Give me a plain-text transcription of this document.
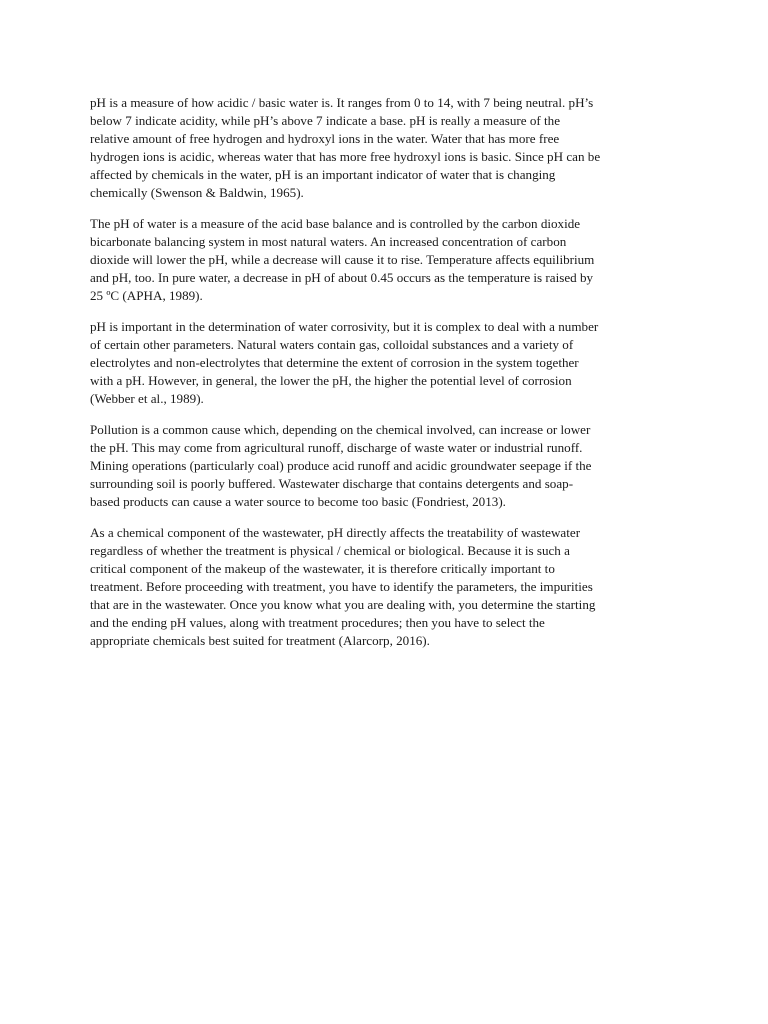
pH is a measure of how acidic / basic water is. It ranges from 0 to 14, with 7 being neutral. pH’s
below 7 indicate acidity, while pH’s above 7 indicate a base. pH is really a measure of the
relative amount of free hydrogen and hydroxyl ions in the water. Water that has more free
hydrogen ions is acidic, whereas water that has more free hydroxyl ions is basic. Since pH can be
affected by chemicals in the water, pH is an important indicator of water that is changing
chemically (Swenson & Baldwin, 1965).

The pH of water is a measure of the acid base balance and is controlled by the carbon dioxide
bicarbonate balancing system in most natural waters. An increased concentration of carbon
dioxide will lower the pH, while a decrease will cause it to rise. Temperature affects equilibrium
and pH, too. In pure water, a decrease in pH of about 0.45 occurs as the temperature is raised by
25 ºC (APHA, 1989).

pH is important in the determination of water corrosivity, but it is complex to deal with a number
of certain other parameters. Natural waters contain gas, colloidal substances and a variety of
electrolytes and non-electrolytes that determine the extent of corrosion in the system together
with a pH. However, in general, the lower the pH, the higher the potential level of corrosion
(Webber et al., 1989).

Pollution is a common cause which, depending on the chemical involved, can increase or lower
the pH. This may come from agricultural runoff, discharge of waste water or industrial runoff.
Mining operations (particularly coal) produce acid runoff and acidic groundwater seepage if the
surrounding soil is poorly buffered. Wastewater discharge that contains detergents and soap-
based products can cause a water source to become too basic (Fondriest, 2013).

As a chemical component of the wastewater, pH directly affects the treatability of wastewater
regardless of whether the treatment is physical / chemical or biological. Because it is such a
critical component of the makeup of the wastewater, it is therefore critically important to
treatment. Before proceeding with treatment, you have to identify the parameters, the impurities
that are in the wastewater. Once you know what you are dealing with, you determine the starting
and the ending pH values, along with treatment procedures; then you have to select the
appropriate chemicals best suited for treatment (Alarcorp, 2016).
